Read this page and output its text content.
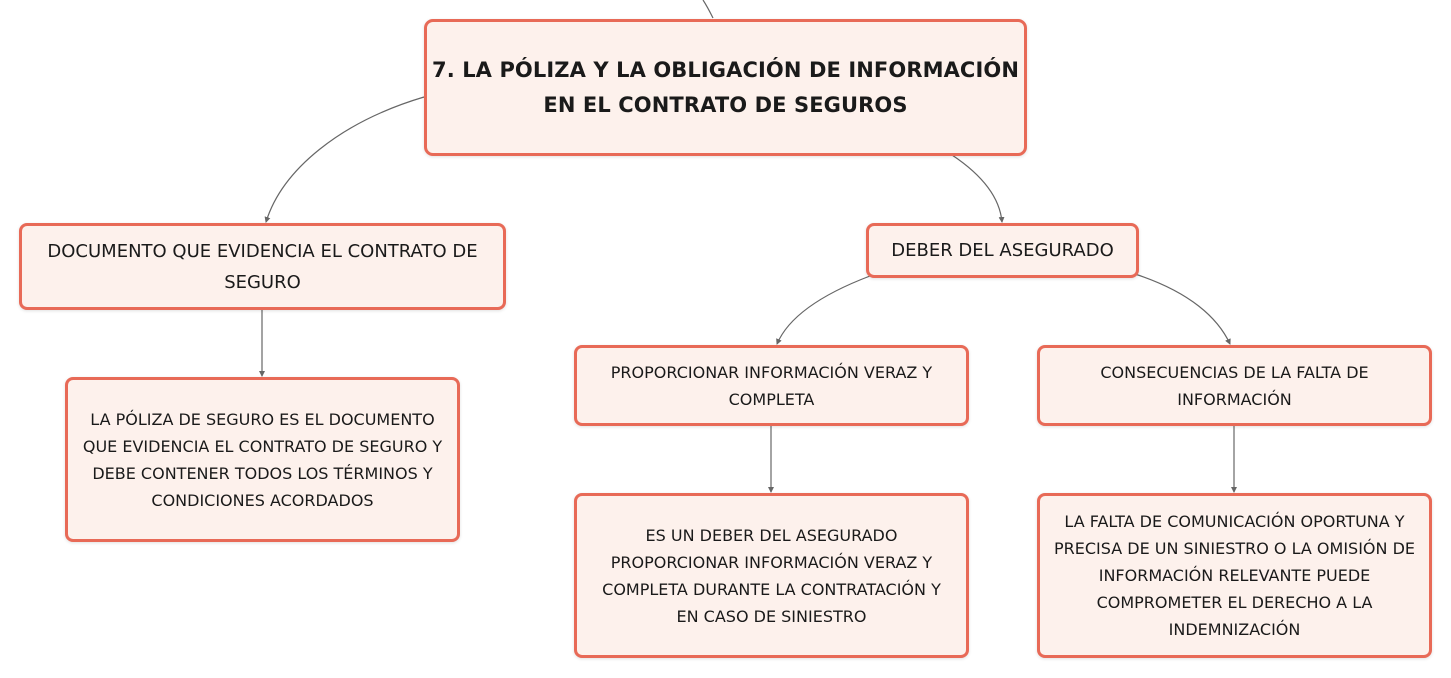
7. LA PÓLIZA Y LA OBLIGACIÓN DE INFORMACIÓN
EN EL CONTRATO DE SEGUROS
DOCUMENTO QUE EVIDENCIA EL CONTRATO DE
SEGURO
LA PÓLIZA DE SEGURO ES EL DOCUMENTO
QUE EVIDENCIA EL CONTRATO DE SEGURO Y
DEBE CONTENER TODOS LOS TÉRMINOS Y
CONDICIONES ACORDADOS
DEBER DEL ASEGURADO
PROPORCIONAR INFORMACIÓN VERAZ Y
COMPLETA
CONSECUENCIAS DE LA FALTA DE
INFORMACIÓN
ES UN DEBER DEL ASEGURADO
PROPORCIONAR INFORMACIÓN VERAZ Y
COMPLETA DURANTE LA CONTRATACIÓN Y
EN CASO DE SINIESTRO
LA FALTA DE COMUNICACIÓN OPORTUNA Y
PRECISA DE UN SINIESTRO O LA OMISIÓN DE
INFORMACIÓN RELEVANTE PUEDE
COMPROMETER EL DERECHO A LA
INDEMNIZACIÓN
